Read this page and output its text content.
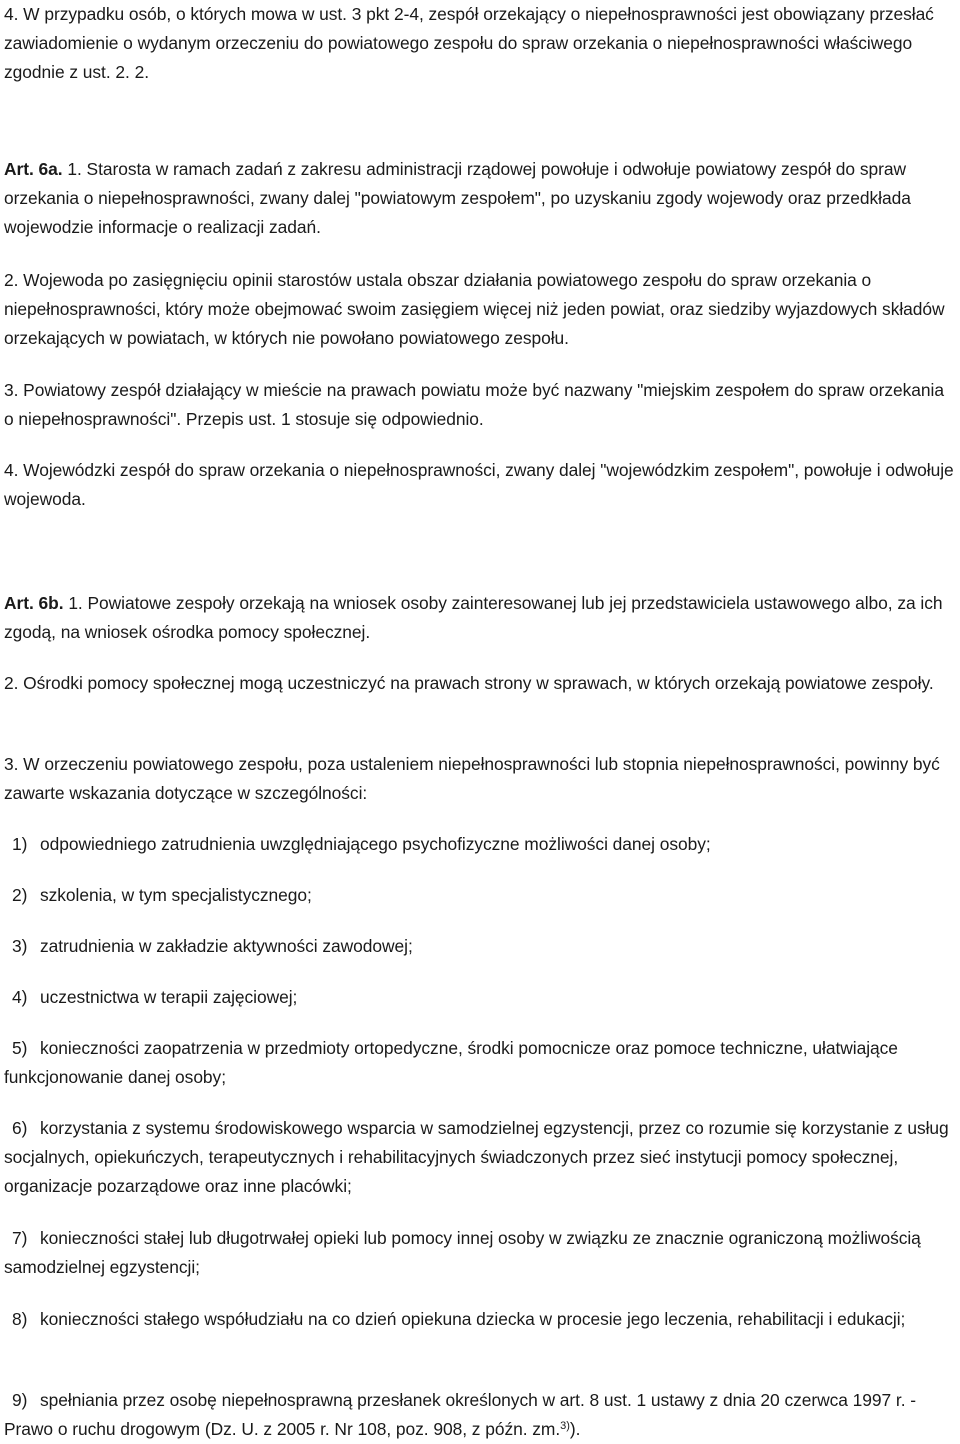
4. W przypadku osób, o których mowa w ust. 3 pkt 2-4, zespół orzekający o niepełnosprawności jest obowiązany przesłać zawiadomienie o wydanym orzeczeniu do powiatowego zespołu do spraw orzekania o niepełnosprawności właściwego zgodnie z ust. 2. 2.

Art. 6a. 1. Starosta w ramach zadań z zakresu administracji rządowej powołuje i odwołuje powiatowy zespół do spraw orzekania o niepełnosprawności, zwany dalej "powiatowym zespołem", po uzyskaniu zgody wojewody oraz przedkłada wojewodzie informacje o realizacji zadań.

2. Wojewoda po zasięgnięciu opinii starostów ustala obszar działania powiatowego zespołu do spraw orzekania o niepełnosprawności, który może obejmować swoim zasięgiem więcej niż jeden powiat, oraz siedziby wyjazdowych składów orzekających w powiatach, w których nie powołano powiatowego zespołu.

3. Powiatowy zespół działający w mieście na prawach powiatu może być nazwany "miejskim zespołem do spraw orzekania o niepełnosprawności". Przepis ust. 1 stosuje się odpowiednio.

4. Wojewódzki zespół do spraw orzekania o niepełnosprawności, zwany dalej "wojewódzkim zespołem", powołuje i odwołuje wojewoda.

Art. 6b. 1. Powiatowe zespoły orzekają na wniosek osoby zainteresowanej lub jej przedstawiciela ustawowego albo, za ich zgodą, na wniosek ośrodka pomocy społecznej.

2. Ośrodki pomocy społecznej mogą uczestniczyć na prawach strony w sprawach, w których orzekają powiatowe zespoły.

3. W orzeczeniu powiatowego zespołu, poza ustaleniem niepełnosprawności lub stopnia niepełnosprawności, powinny być zawarte wskazania dotyczące w szczególności:

1) odpowiedniego zatrudnienia uwzględniającego psychofizyczne możliwości danej osoby;

2) szkolenia, w tym specjalistycznego;

3) zatrudnienia w zakładzie aktywności zawodowej;

4) uczestnictwa w terapii zajęciowej;

5) konieczności zaopatrzenia w przedmioty ortopedyczne, środki pomocnicze oraz pomoce techniczne, ułatwiające funkcjonowanie danej osoby;

6) korzystania z systemu środowiskowego wsparcia w samodzielnej egzystencji, przez co rozumie się korzystanie z usług socjalnych, opiekuńczych, terapeutycznych i rehabilitacyjnych świadczonych przez sieć instytucji pomocy społecznej, organizacje pozarządowe oraz inne placówki;

7) konieczności stałej lub długotrwałej opieki lub pomocy innej osoby w związku ze znacznie ograniczoną możliwością samodzielnej egzystencji;

8) konieczności stałego współudziału na co dzień opiekuna dziecka w procesie jego leczenia, rehabilitacji i edukacji;

9) spełniania przez osobę niepełnosprawną przesłanek określonych w art. 8 ust. 1 ustawy z dnia 20 czerwca 1997 r. - Prawo o ruchu drogowym (Dz. U. z 2005 r. Nr 108, poz. 908, z późn. zm.$^{3)}$).
